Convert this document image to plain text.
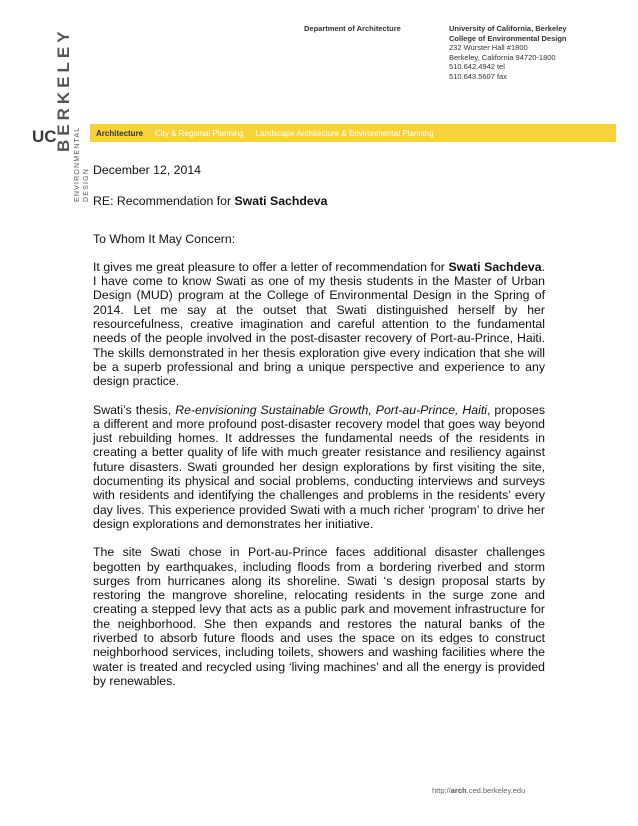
UC
BERKELEY
ENVIRONMENTAL DESIGN
Department of Architecture	University of California, Berkeley
College of Environmental Design
232 Wurster Hall #1800
Berkeley, California 94720-1800
510.642.4942 tel
510.643.5607 fax
Architecture City & Regional Planning Landscape Architecture & Environmental Planning

December 12, 2014

RE: Recommendation for Swati Sachdeva

To Whom It May Concern:

It gives me great pleasure to offer a letter of recommendation for Swati Sachdeva. I have come to know Swati as one of my thesis students in the Master of Urban Design (MUD) program at the College of Environmental Design in the Spring of 2014. Let me say at the outset that Swati distinguished herself by her resourcefulness, creative imagination and careful attention to the fundamental needs of the people involved in the post-disaster recovery of Port-au-Prince, Haiti. The skills demonstrated in her thesis exploration give every indication that she will be a superb professional and bring a unique perspective and experience to any design practice.

Swati’s thesis, Re-envisioning Sustainable Growth, Port-au-Prince, Haiti, proposes a different and more profound post-disaster recovery model that goes way beyond just rebuilding homes. It addresses the fundamental needs of the residents in creating a better quality of life with much greater resistance and resiliency against future disasters. Swati grounded her design explorations by first visiting the site, documenting its physical and social problems, conducting interviews and surveys with residents and identifying the challenges and problems in the residents’ every day lives. This experience provided Swati with a much richer ‘program’ to drive her design explorations and demonstrates her initiative.

The site Swati chose in Port-au-Prince faces additional disaster challenges begotten by earthquakes, including floods from a bordering riverbed and storm surges from hurricanes along its shoreline. Swati ‘s design proposal starts by restoring the mangrove shoreline, relocating residents in the surge zone and creating a stepped levy that acts as a public park and movement infrastructure for the neighborhood. She then expands and restores the natural banks of the riverbed to absorb future floods and uses the space on its edges to construct neighborhood services, including toilets, showers and washing facilities where the water is treated and recycled using ‘living machines’ and all the energy is provided by renewables.

http://arch.ced.berkeley.edu
